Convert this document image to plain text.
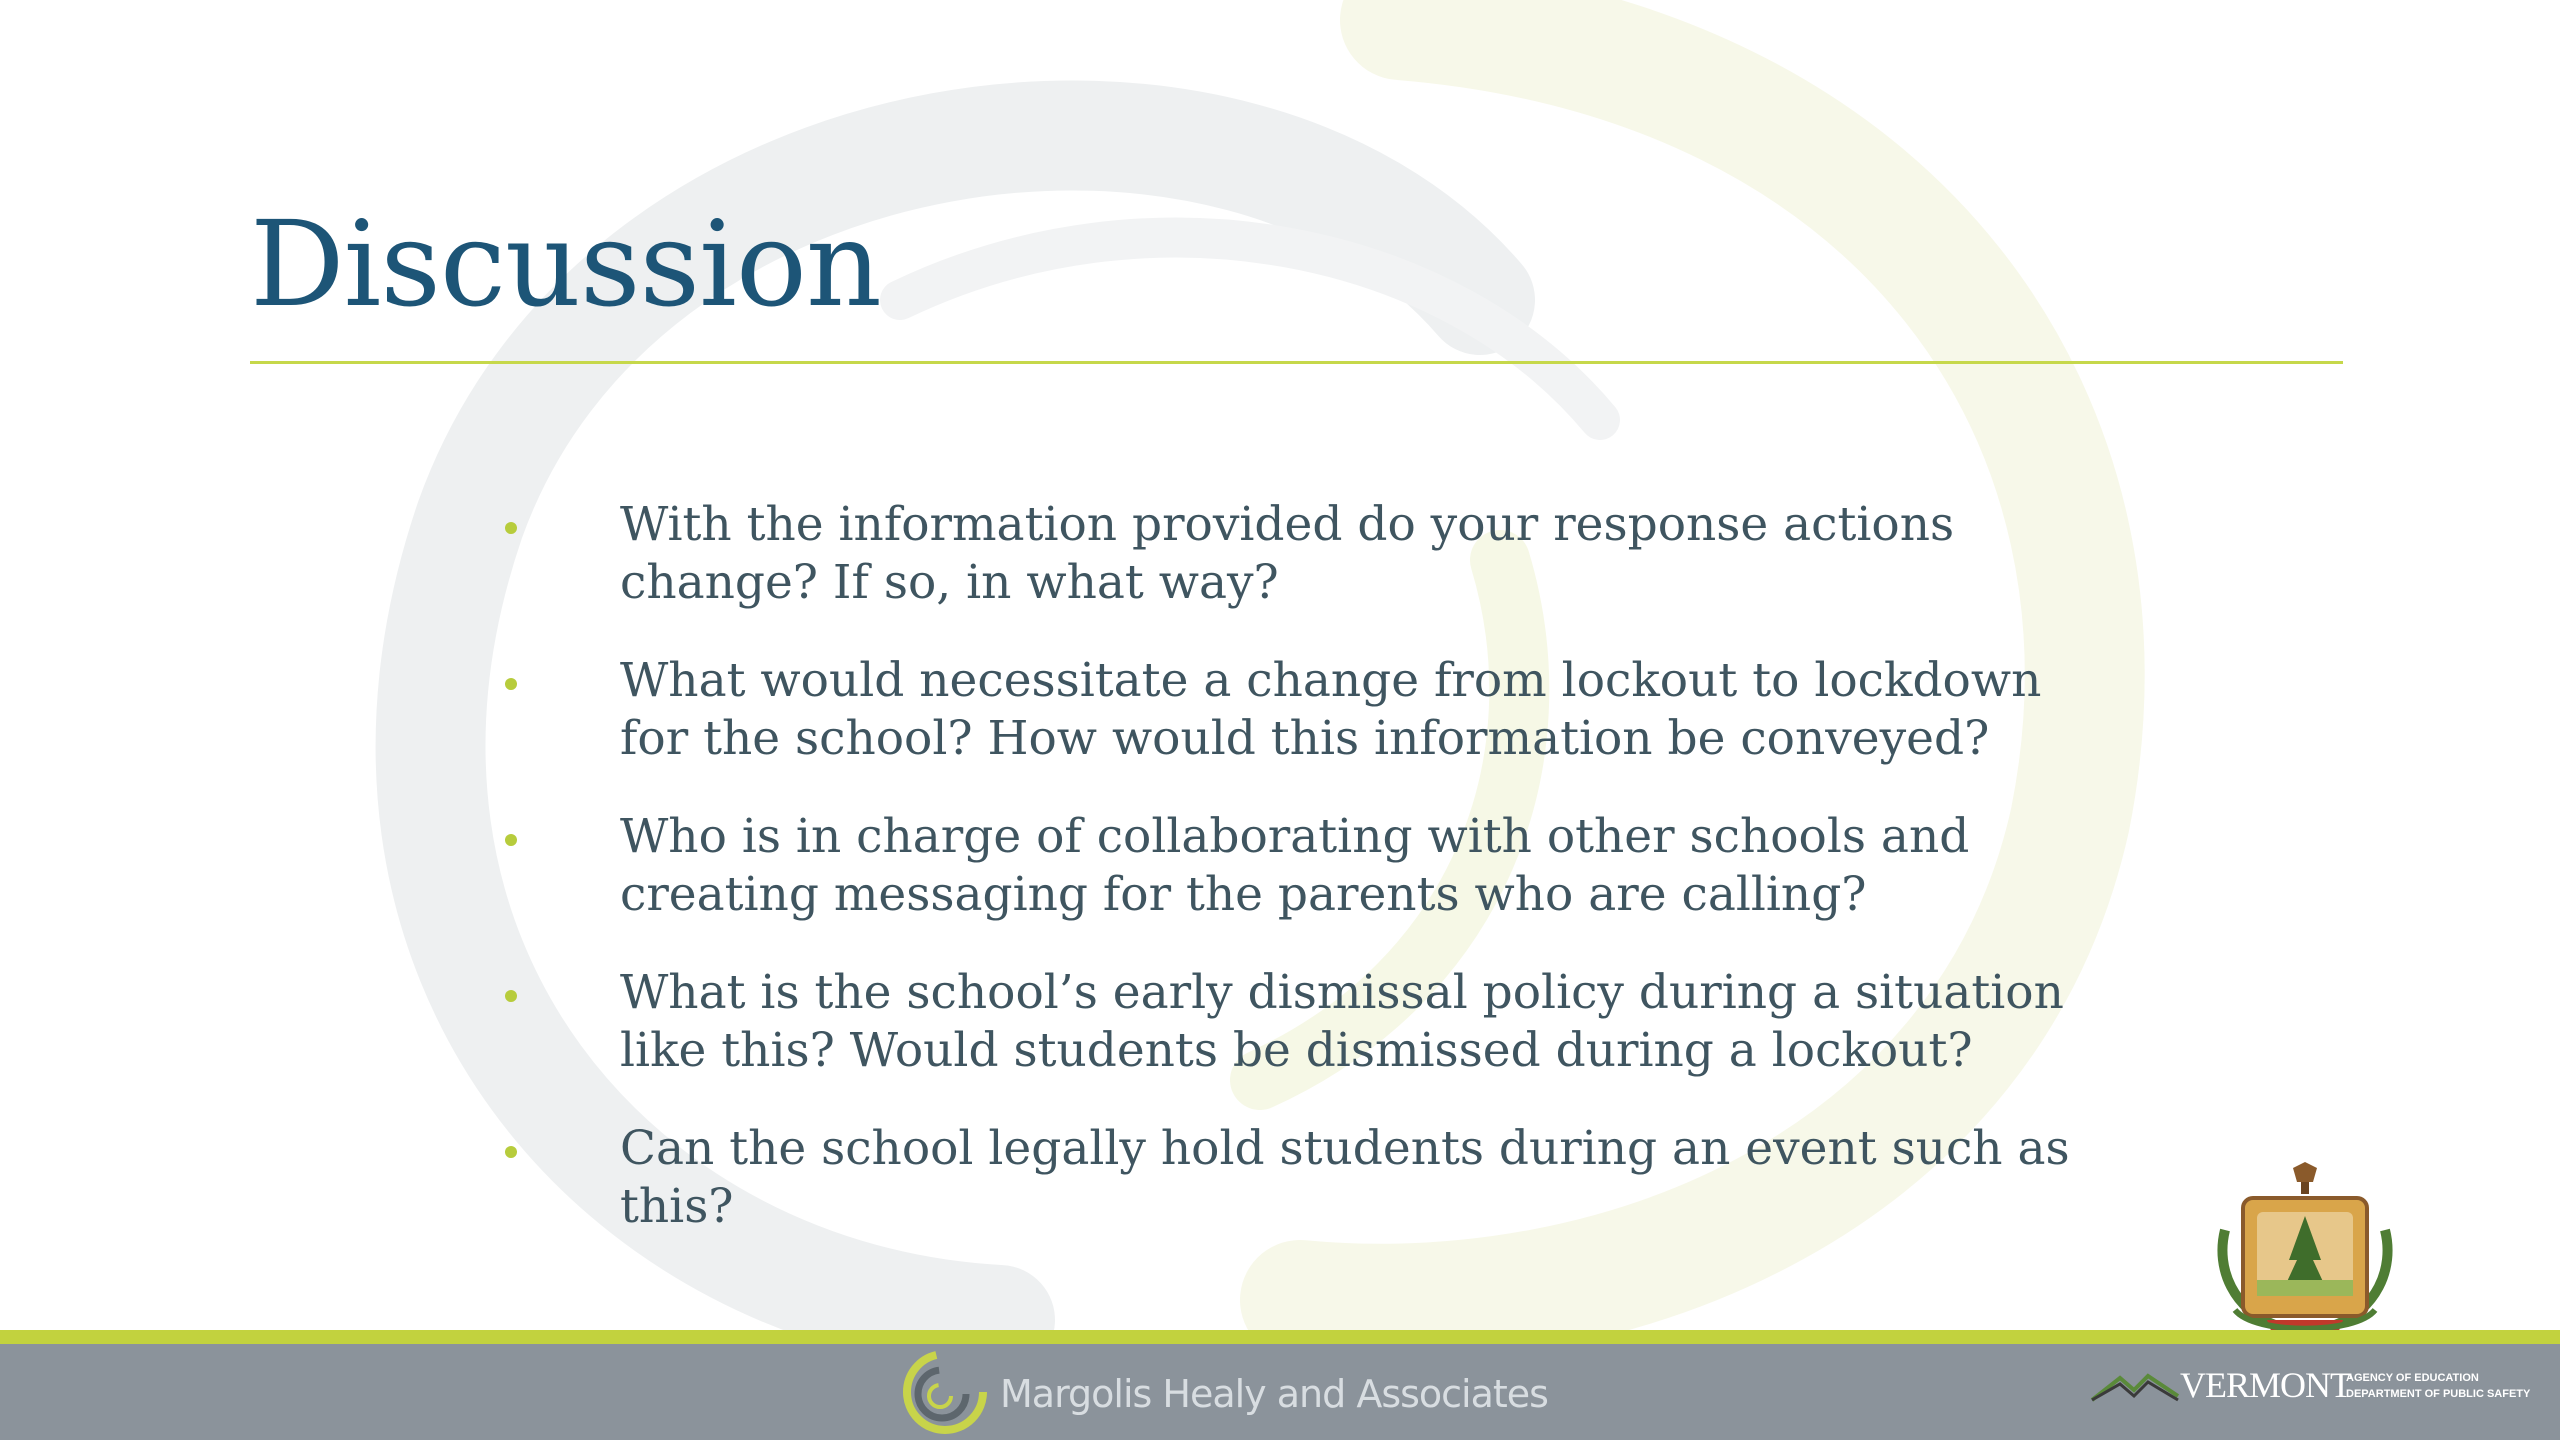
Discussion
With the information provided do your response actions
change? If so, in what way?
What would necessitate a change from lockout to lockdown
for the school? How would this information be conveyed?
Who is in charge of collaborating with other schools and
creating messaging for the parents who are calling?
What is the school’s early dismissal policy during a situation
like this? Would students be dismissed during a lockout?
Can the school legally hold students during an event such as
this?
Margolis Healy and Associates	VERMONT
AGENCY OF EDUCATION
DEPARTMENT OF PUBLIC SAFETY
